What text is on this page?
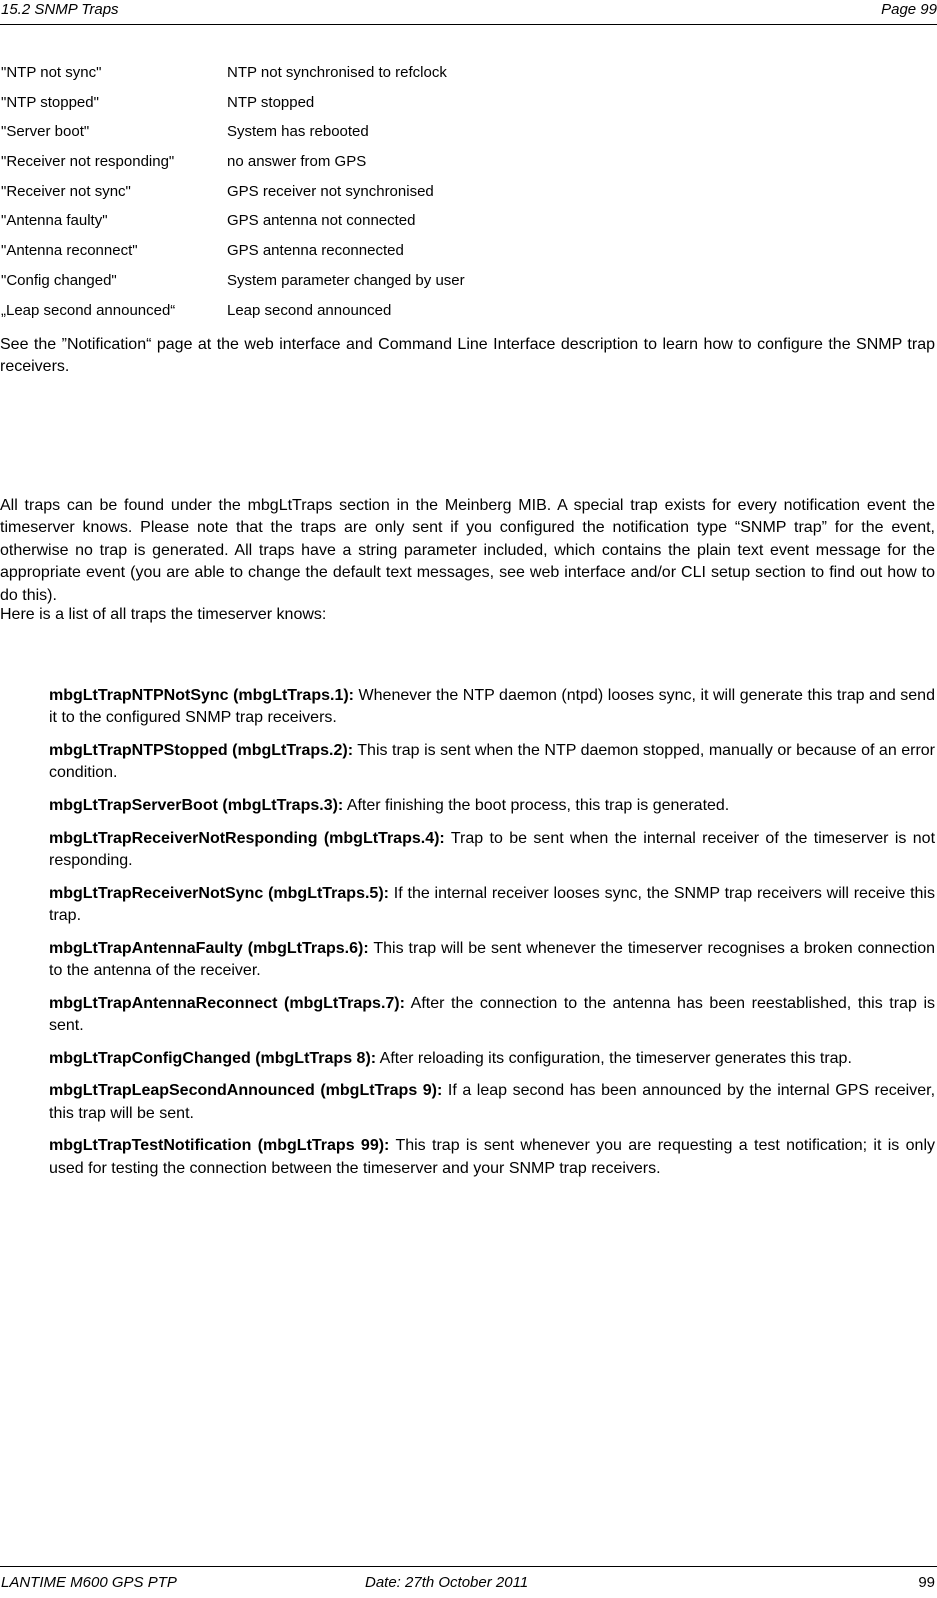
15.2 SNMP Traps	Page 99
"NTP not sync"	NTP not synchronised to refclock
"NTP stopped"	NTP stopped
"Server boot"	System has rebooted
"Receiver not responding"	no answer from GPS
"Receiver not sync"	GPS receiver not synchronised
"Antenna faulty"	GPS antenna not connected
"Antenna reconnect"	GPS antenna reconnected
"Config changed"	System parameter changed by user
„Leap second announced“	Leap second announced
See the ”Notification“ page at the web interface and Command Line Interface description to learn how to configure the SNMP trap receivers.
All traps can be found under the mbgLtTraps section in the Meinberg MIB. A special trap exists for every notification event the timeserver knows. Please note that the traps are only sent if you configured the notification type “SNMP trap” for the event, otherwise no trap is generated. All traps have a string parameter included, which contains the plain text event message for the appropriate event (you are able to change the default text messages, see web interface and/or CLI setup section to find out how to do this).
Here is a list of all traps the timeserver knows:
mbgLtTrapNTPNotSync (mbgLtTraps.1): Whenever the NTP daemon (ntpd) looses sync, it will generate this trap and send it to the configured SNMP trap receivers.
mbgLtTrapNTPStopped (mbgLtTraps.2): This trap is sent when the NTP daemon stopped, manually or because of an error condition.
mbgLtTrapServerBoot (mbgLtTraps.3): After finishing the boot process, this trap is generated.
mbgLtTrapReceiverNotResponding (mbgLtTraps.4): Trap to be sent when the internal receiver of the timeserver is not responding.
mbgLtTrapReceiverNotSync (mbgLtTraps.5): If the internal receiver looses sync, the SNMP trap receivers will receive this trap.
mbgLtTrapAntennaFaulty (mbgLtTraps.6): This trap will be sent whenever the timeserver recognises a broken connection to the antenna of the receiver.
mbgLtTrapAntennaReconnect (mbgLtTraps.7): After the connection to the antenna has been reestablished, this trap is sent.
mbgLtTrapConfigChanged (mbgLtTraps 8): After reloading its configuration, the timeserver generates this trap.
mbgLtTrapLeapSecondAnnounced (mbgLtTraps 9): If a leap second has been announced by the internal GPS receiver, this trap will be sent.
mbgLtTrapTestNotification (mbgLtTraps 99): This trap is sent whenever you are requesting a test notification; it is only used for testing the connection between the timeserver and your SNMP trap receivers.
LANTIME M600 GPS PTP	Date: 27th October 2011	99
